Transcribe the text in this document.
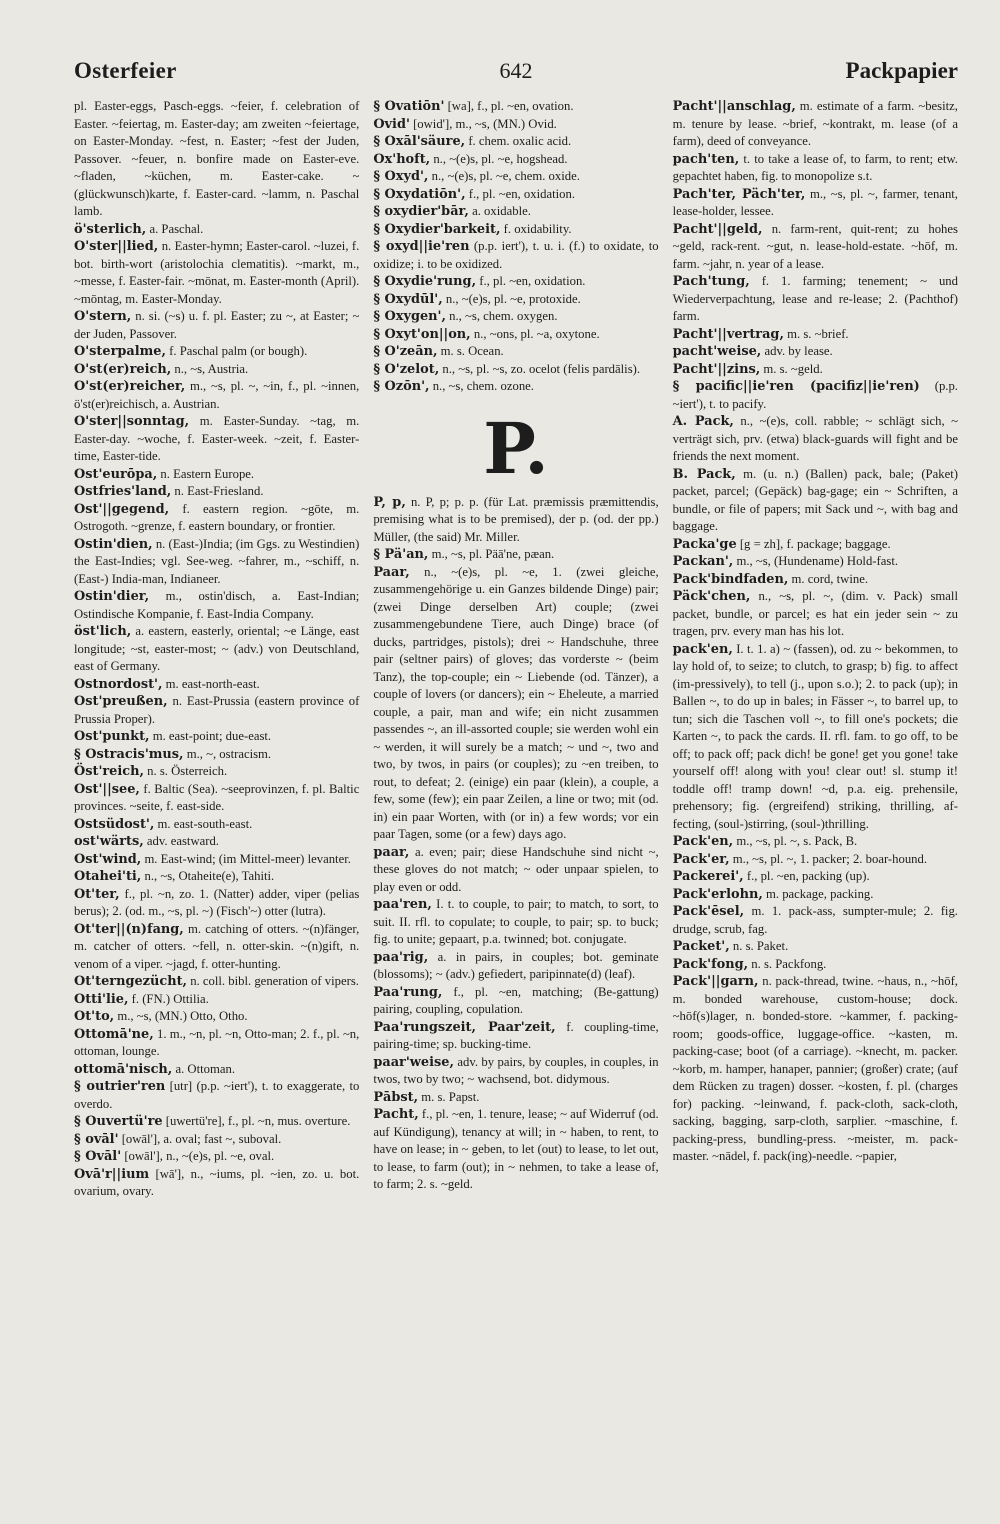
Osterfeier	642	Packpapier

pl. Easter-eggs, Pasch-eggs. ~feier, f. celebration of Easter. ~feiertag, m. Easter-day; am zweiten ~feiertage, on Easter-Monday. ~fest, n. Easter; ~fest der Juden, Passover. ~feuer, n. bonfire made on Easter-eve. ~fladen, ~küchen, m. Easter-cake. ~(glückwunsch)karte, f. Easter-card. ~lamm, n. Paschal lamb.

ö'sterlich, a. Paschal.

O'ster||lied, n. Easter-hymn; Easter-carol. ~luzei, f. bot. birth-wort (aristolochia clematitis). ~markt, m., ~messe, f. Easter-fair. ~mōnat, m. Easter-month (April). ~mōntag, m. Easter-Monday.

O'stern, n. si. (~s) u. f. pl. Easter; zu ~, at Easter; ~ der Juden, Passover.

O'sterpalme, f. Paschal palm (or bough).

O'st(er)reich, n., ~s, Austria.

O'st(er)reicher, m., ~s, pl. ~, ~in, f., pl. ~innen, ö'st(er)reichisch, a. Austrian.

O'ster||sonntag, m. Easter-Sunday. ~tag, m. Easter-day. ~woche, f. Easter-week. ~zeit, f. Easter-time, Easter-tide.

Ost'eurōpa, n. Eastern Europe.

Ostfries'land, n. East-Friesland.

Ost'||gegend, f. eastern region. ~gōte, m. Ostrogoth. ~grenze, f. eastern boundary, or frontier.

Ostin'dien, n. (East-)India; (im Ggs. zu Westindien) the East-Indies; vgl. See-weg. ~fahrer, m., ~schiff, n. (East-) India-man, Indianeer.

Ostin'dier, m., ostin'disch, a. East-Indian; Ostindische Kompanie, f. East-India Company.

öst'lich, a. eastern, easterly, oriental; ~e Länge, east longitude; ~st, easter-most; ~ (adv.) von Deutschland, east of Germany.

Ostnordost', m. east-north-east.

Ost'preußen, n. East-Prussia (eastern province of Prussia Proper).

Ost'punkt, m. east-point; due-east.

§ Ostracis'mus, m., ~, ostracism.

Öst'reich, n. s. Österreich.

Ost'||see, f. Baltic (Sea). ~seeprovinzen, f. pl. Baltic provinces. ~seite, f. east-side.

Ostsüdost', m. east-south-east.

ost'wärts, adv. eastward.

Ost'wind, m. East-wind; (im Mittel-meer) levanter.

Otahei'ti, n., ~s, Otaheite(e), Tahiti.

Ot'ter, f., pl. ~n, zo. 1. (Natter) adder, viper (pelias berus); 2. (od. m., ~s, pl. ~) (Fisch'~) otter (lutra).

Ot'ter||(n)fang, m. catching of otters. ~(n)fänger, m. catcher of otters. ~fell, n. otter-skin. ~(n)gift, n. venom of a viper. ~jagd, f. otter-hunting.

Ot'terngezücht, n. coll. bibl. generation of vipers.

Otti'lie, f. (FN.) Ottilia.

Ot'to, m., ~s, (MN.) Otto, Otho.

Ottomā'ne, 1. m., ~n, pl. ~n, Otto-man; 2. f., pl. ~n, ottoman, lounge.

ottomā'nisch, a. Ottoman.

§ outrier'ren [utr] (p.p. ~iert'), t. to exaggerate, to overdo.

§ Ouvertü're [uwertü're], f., pl. ~n, mus. overture.

§ ovāl' [owāl'], a. oval; fast ~, suboval.

§ Ovāl' [owāl'], n., ~(e)s, pl. ~e, oval.

Ovā'r||ium [wā'], n., ~iums, pl. ~ien, zo. u. bot. ovarium, ovary.

§ Ovatiōn' [wa], f., pl. ~en, ovation.

Ovid' [owid'], m., ~s, (MN.) Ovid.

§ Oxāl'säure, f. chem. oxalic acid.

Ox'hoft, n., ~(e)s, pl. ~e, hogshead.

§ Oxyd', n., ~(e)s, pl. ~e, chem. oxide.

§ Oxydatiōn', f., pl. ~en, oxidation.

§ oxydier'bār, a. oxidable.

§ Oxydier'barkeit, f. oxidability.

§ oxyd||ie'ren (p.p. iert'), t. u. i. (f.) to oxidate, to oxidize; i. to be oxidized.

§ Oxydie'rung, f., pl. ~en, oxidation.

§ Oxydūl', n., ~(e)s, pl. ~e, protoxide.

§ Oxygen', n., ~s, chem. oxygen.

§ Oxyt'on||on, n., ~ons, pl. ~a, oxytone.

§ O'zeān, m. s. Ocean.

§ O'zelot, n., ~s, pl. ~s, zo. ocelot (felis pardālis).

§ Ozōn', n., ~s, chem. ozone.

P.

P, p, n. P, p; p. p. (für Lat. præmissis præmittendis, premising what is to be premised), der p. (od. der pp.) Müller, (the said) Mr. Miller.

§ Pä'an, m., ~s, pl. Päā'ne, pæan.

Paar, n., ~(e)s, pl. ~e, 1. (zwei gleiche, zusammengehörige u. ein Ganzes bildende Dinge) pair; (zwei Dinge derselben Art) couple; (zwei zusammengebundene Tiere, auch Dinge) brace (of ducks, partridges, pistols); drei ~ Handschuhe, three pair (seltner pairs) of gloves; das vorderste ~ (beim Tanz), the top-couple; ein ~ Liebende (od. Tänzer), a couple of lovers (or dancers); ein ~ Eheleute, a married couple, a pair, man and wife; ein nicht zusammen passendes ~, an ill-assorted couple; sie werden wohl ein ~ werden, it will surely be a match; ~ und ~, two and two, by twos, in pairs (or couples); zu ~en treiben, to rout, to defeat; 2. (einige) ein paar (klein), a couple, a few, some (few); ein paar Zeilen, a line or two; mit (od. in) ein paar Worten, with (or in) a few words; vor ein paar Tagen, some (or a few) days ago.

paar, a. even; pair; diese Handschuhe sind nicht ~, these gloves do not match; ~ oder unpaar spielen, to play even or odd.

paa'ren, I. t. to couple, to pair; to match, to sort, to suit. II. rfl. to copulate; to couple, to pair; sp. to buck; fig. to unite; gepaart, p.a. twinned; bot. conjugate.

paa'rig, a. in pairs, in couples; bot. geminate (blossoms); ~ (adv.) gefiedert, paripinnate(d) (leaf).

Paa'rung, f., pl. ~en, matching; (Be-gattung) pairing, coupling, copulation.

Paa'rungszeit, Paar'zeit, f. coupling-time, pairing-time; sp. bucking-time.

paar'weise, adv. by pairs, by couples, in couples, in twos, two by two; ~ wachsend, bot. didymous.

Pābst, m. s. Papst.

Pacht, f., pl. ~en, 1. tenure, lease; ~ auf Widerruf (od. auf Kündigung), tenancy at will; in ~ haben, to rent, to have on lease; in ~ geben, to let (out) to lease, to let out, to lease, to farm (out); in ~ nehmen, to take a lease of, to farm; 2. s. ~geld.

Pacht'||anschlag, m. estimate of a farm. ~besitz, m. tenure by lease. ~brief, ~kontrakt, m. lease (of a farm), deed of conveyance.

pach'ten, t. to take a lease of, to farm, to rent; etw. gepachtet haben, fig. to monopolize s.t.

Pach'ter, Päch'ter, m., ~s, pl. ~, farmer, tenant, lease-holder, lessee.

Pacht'||geld, n. farm-rent, quit-rent; zu hohes ~geld, rack-rent. ~gut, n. lease-hold-estate. ~hōf, m. farm. ~jahr, n. year of a lease.

Pach'tung, f. 1. farming; tenement; ~ und Wiederverpachtung, lease and re-lease; 2. (Pachthof) farm.

Pacht'||vertrag, m. s. ~brief.

pacht'weise, adv. by lease.

Pacht'||zins, m. s. ~geld.

§ pacific||ie'ren (pacifiz||ie'ren) (p.p. ~iert'), t. to pacify.

A. Pack, n., ~(e)s, coll. rabble; ~ schlägt sich, ~ verträgt sich, prv. (etwa) black-guards will fight and be friends the next moment.

B. Pack, m. (u. n.) (Ballen) pack, bale; (Paket) packet, parcel; (Gepäck) bag-gage; ein ~ Schriften, a bundle, or file of papers; mit Sack und ~, with bag and baggage.

Packa'ge [g = zh], f. package; baggage.

Packan', m., ~s, (Hundename) Hold-fast.

Pack'bindfaden, m. cord, twine.

Päck'chen, n., ~s, pl. ~, (dim. v. Pack) small packet, bundle, or parcel; es hat ein jeder sein ~ zu tragen, prv. every man has his lot.

pack'en, I. t. 1. a) ~ (fassen), od. zu ~ bekommen, to lay hold of, to seize; to clutch, to grasp; b) fig. to affect (im-pressively), to tell (j., upon s.o.); 2. to pack (up); in Ballen ~, to do up in bales; in Fässer ~, to barrel up, to tun; sich die Taschen voll ~, to fill one's pockets; die Karten ~, to pack the cards. II. rfl. fam. to go off, to be off; to pack off; pack dich! be gone! get you gone! take yourself off! along with you! clear out! sl. stump it! toddle off! tramp down! ~d, p.a. eig. prehensile, prehensory; fig. (ergreifend) striking, thrilling, af-fecting, (soul-)stirring, (soul-)thrilling.

Pack'en, m., ~s, pl. ~, s. Pack, B.

Pack'er, m., ~s, pl. ~, 1. packer; 2. boar-hound.

Packerei', f., pl. ~en, packing (up).

Pack'erlohn, m. package, packing.

Pack'ēsel, m. 1. pack-ass, sumpter-mule; 2. fig. drudge, scrub, fag.

Packet', n. s. Paket.

Pack'fong, n. s. Packfong.

Pack'||garn, n. pack-thread, twine. ~haus, n., ~hōf, m. bonded warehouse, custom-house; dock. ~hōf(s)lager, n. bonded-store. ~kammer, f. packing-room; goods-office, luggage-office. ~kasten, m. packing-case; boot (of a carriage). ~knecht, m. packer. ~korb, m. hamper, hanaper, pannier; (großer) crate; (auf dem Rücken zu tragen) dosser. ~kosten, f. pl. (charges for) packing. ~leinwand, f. pack-cloth, sack-cloth, sacking, bagging, sarp-cloth, sarplier. ~maschine, f. packing-press, bundling-press. ~meister, m. pack-master. ~nādel, f. pack(ing)-needle. ~papier,
